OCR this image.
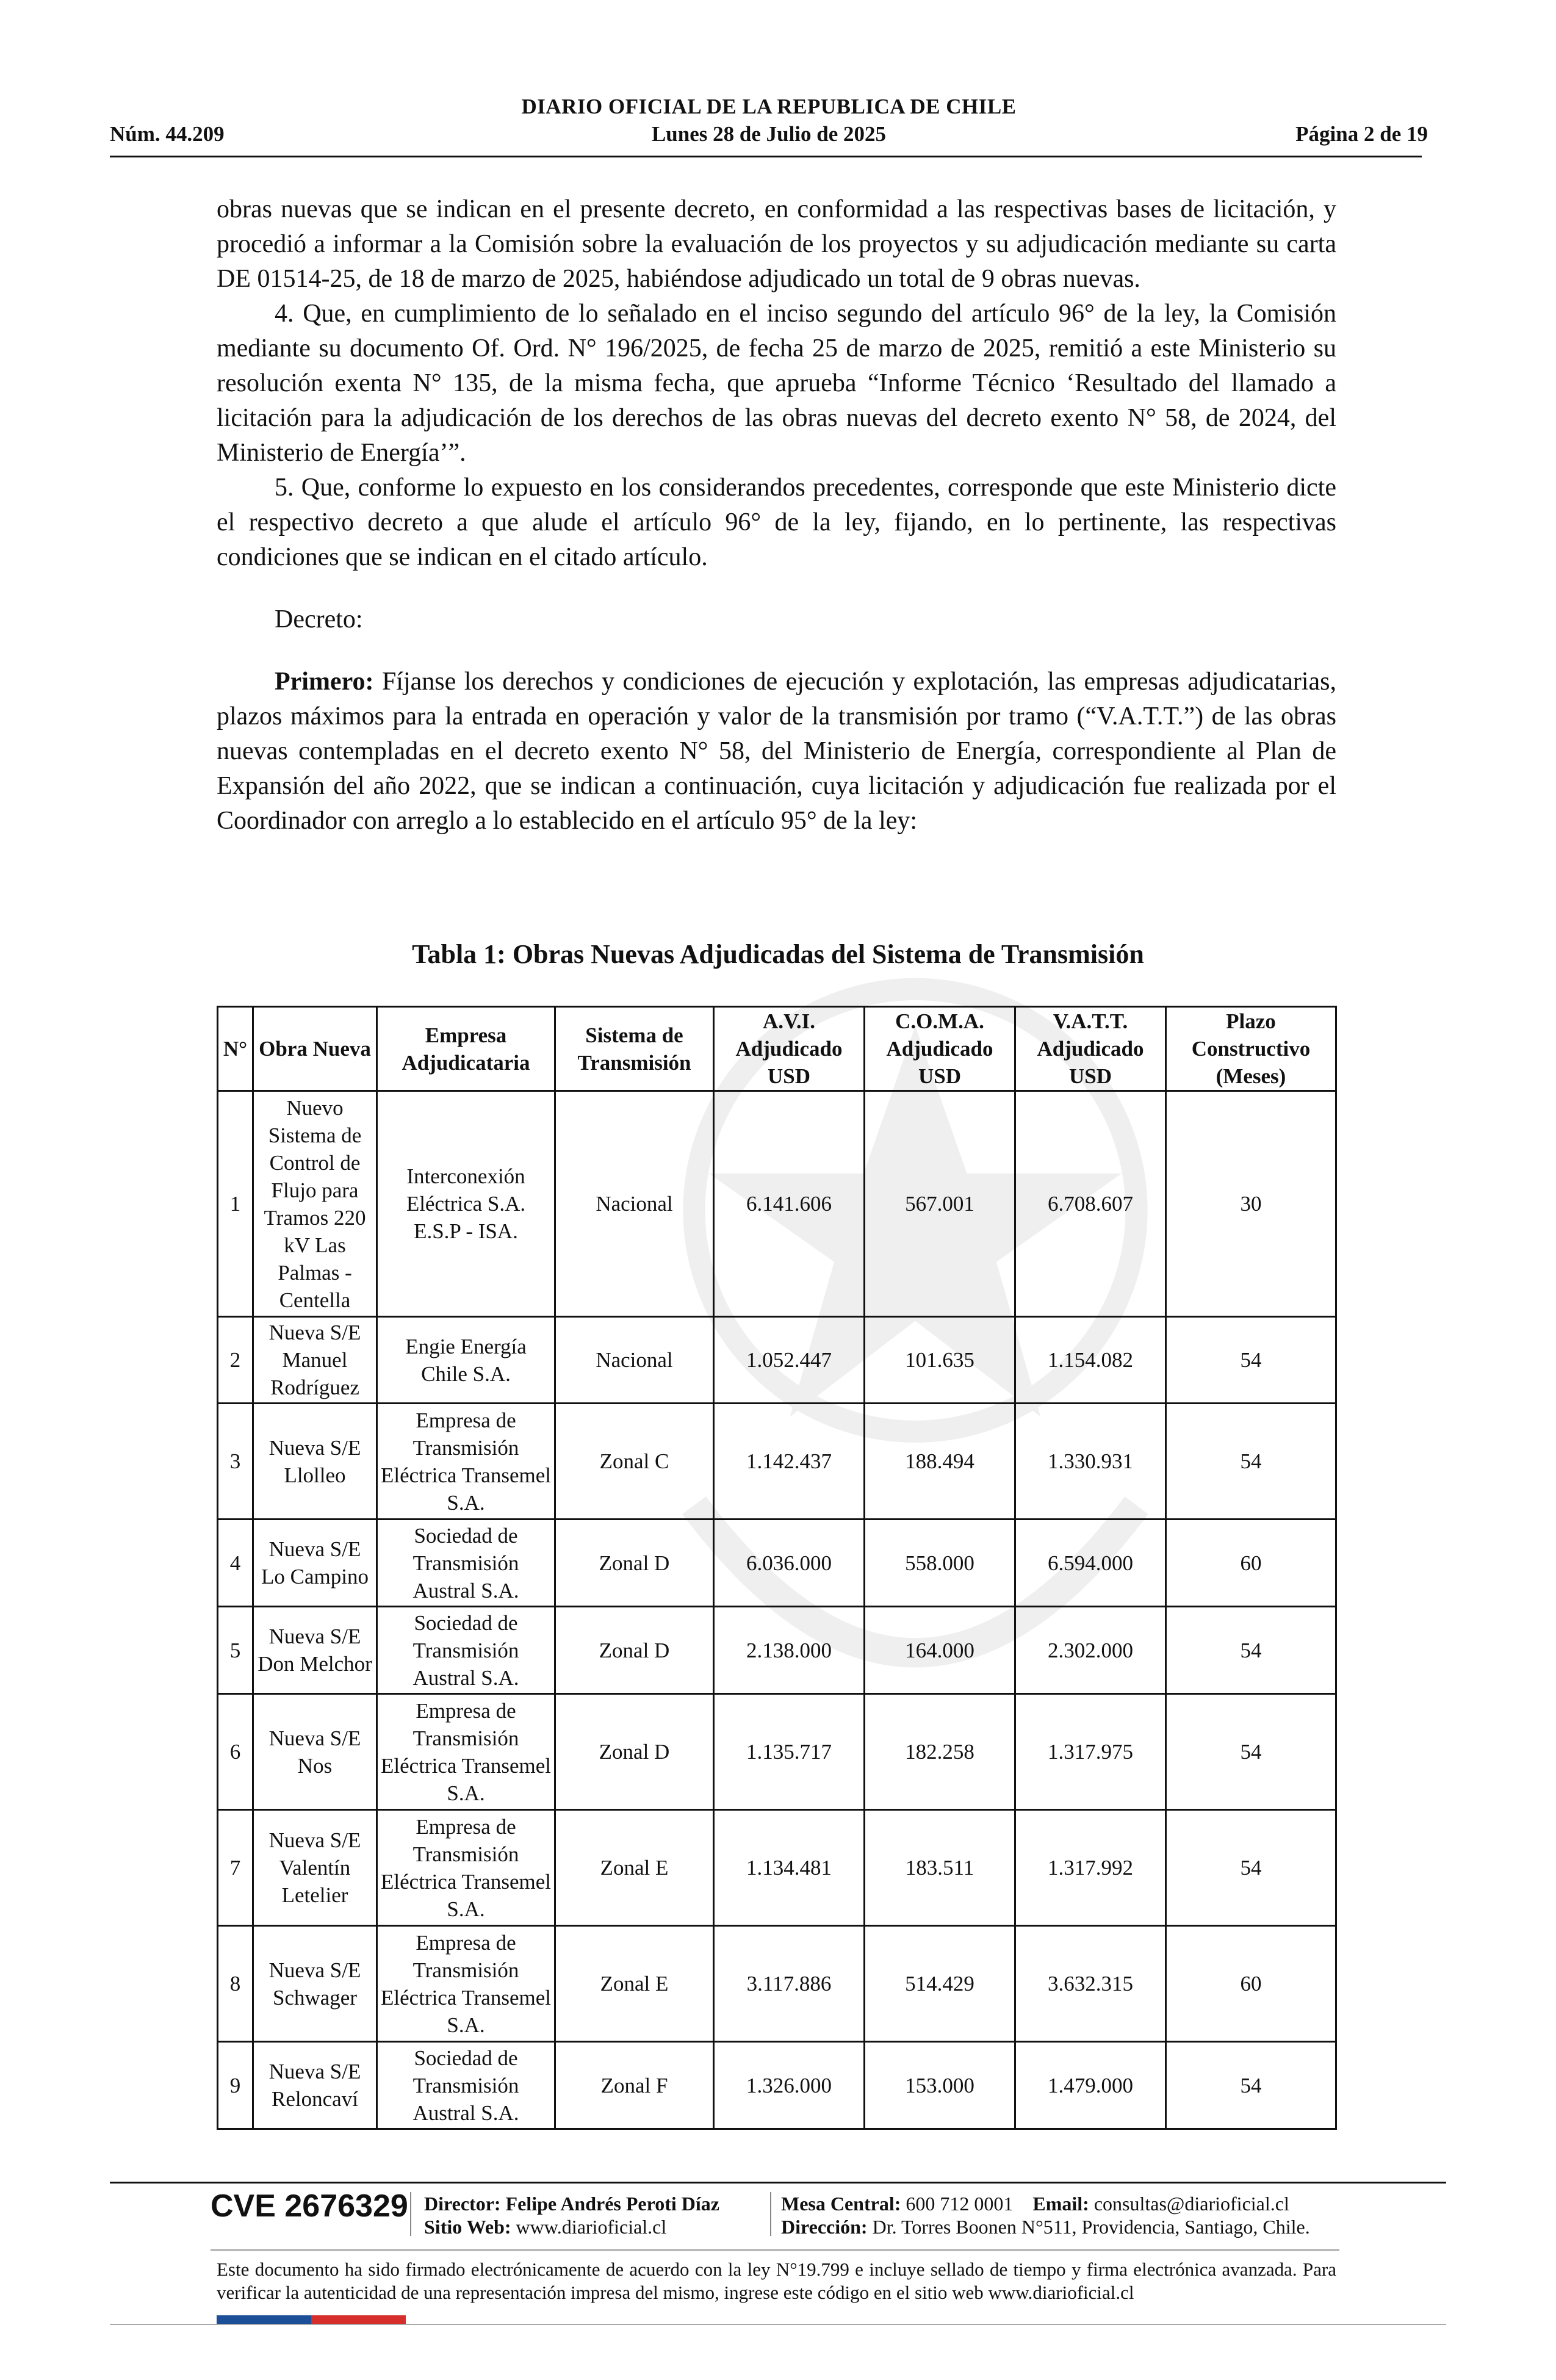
DIARIO OFICIAL DE LA REPUBLICA DE CHILE
Núm. 44.209	Lunes 28 de Julio de 2025	Página 2 de 19

obras nuevas que se indican en el presente decreto, en conformidad a las respectivas bases de licitación, y procedió a informar a la Comisión sobre la evaluación de los proyectos y su adjudicación mediante su carta DE 01514-25, de 18 de marzo de 2025, habiéndose adjudicado un total de 9 obras nuevas.

4. Que, en cumplimiento de lo señalado en el inciso segundo del artículo 96° de la ley, la Comisión mediante su documento Of. Ord. N° 196/2025, de fecha 25 de marzo de 2025, remitió a este Ministerio su resolución exenta N° 135, de la misma fecha, que aprueba “Informe Técnico ‘Resultado del llamado a licitación para la adjudicación de los derechos de las obras nuevas del decreto exento N° 58, de 2024, del Ministerio de Energía’”.

5. Que, conforme lo expuesto en los considerandos precedentes, corresponde que este Ministerio dicte el respectivo decreto a que alude el artículo 96° de la ley, fijando, en lo pertinente, las respectivas condiciones que se indican en el citado artículo.

Decreto:

Primero: Fíjanse los derechos y condiciones de ejecución y explotación, las empresas adjudicatarias, plazos máximos para la entrada en operación y valor de la transmisión por tramo (“V.A.T.T.”) de las obras nuevas contempladas en el decreto exento N° 58, del Ministerio de Energía, correspondiente al Plan de Expansión del año 2022, que se indican a continuación, cuya licitación y adjudicación fue realizada por el Coordinador con arreglo a lo establecido en el artículo 95° de la ley:

Tabla 1: Obras Nuevas Adjudicadas del Sistema de Transmisión
N°	Obra Nueva	Empresa Adjudicataria	Sistema de Transmisión	A.V.I. Adjudicado USD	C.O.M.A. Adjudicado USD	V.A.T.T. Adjudicado USD	Plazo Constructivo (Meses)
1	Nuevo Sistema de Control de Flujo para Tramos 220 kV Las Palmas - Centella	Interconexión Eléctrica S.A. E.S.P - ISA.	Nacional	6.141.606	567.001	6.708.607	30
2	Nueva S/E Manuel Rodríguez	Engie Energía Chile S.A.	Nacional	1.052.447	101.635	1.154.082	54
3	Nueva S/E Llolleo	Empresa de Transmisión Eléctrica Transemel S.A.	Zonal C	1.142.437	188.494	1.330.931	54
4	Nueva S/E Lo Campino	Sociedad de Transmisión Austral S.A.	Zonal D	6.036.000	558.000	6.594.000	60
5	Nueva S/E Don Melchor	Sociedad de Transmisión Austral S.A.	Zonal D	2.138.000	164.000	2.302.000	54
6	Nueva S/E Nos	Empresa de Transmisión Eléctrica Transemel S.A.	Zonal D	1.135.717	182.258	1.317.975	54
7	Nueva S/E Valentín Letelier	Empresa de Transmisión Eléctrica Transemel S.A.	Zonal E	1.134.481	183.511	1.317.992	54
8	Nueva S/E Schwager	Empresa de Transmisión Eléctrica Transemel S.A.	Zonal E	3.117.886	514.429	3.632.315	60
9	Nueva S/E Reloncaví	Sociedad de Transmisión Austral S.A.	Zonal F	1.326.000	153.000	1.479.000	54
CVE 2676329 Director: Felipe Andrés Peroti Díaz
Sitio Web: www.diarioficial.cl
Mesa Central: 600 712 0001 Email: consultas@diarioficial.cl
Dirección: Dr. Torres Boonen N°511, Providencia, Santiago, Chile.
Este documento ha sido firmado electrónicamente de acuerdo con la ley N°19.799 e incluye sellado de tiempo y firma electrónica avanzada. Para verificar la autenticidad de una representación impresa del mismo, ingrese este código en el sitio web www.diarioficial.cl
